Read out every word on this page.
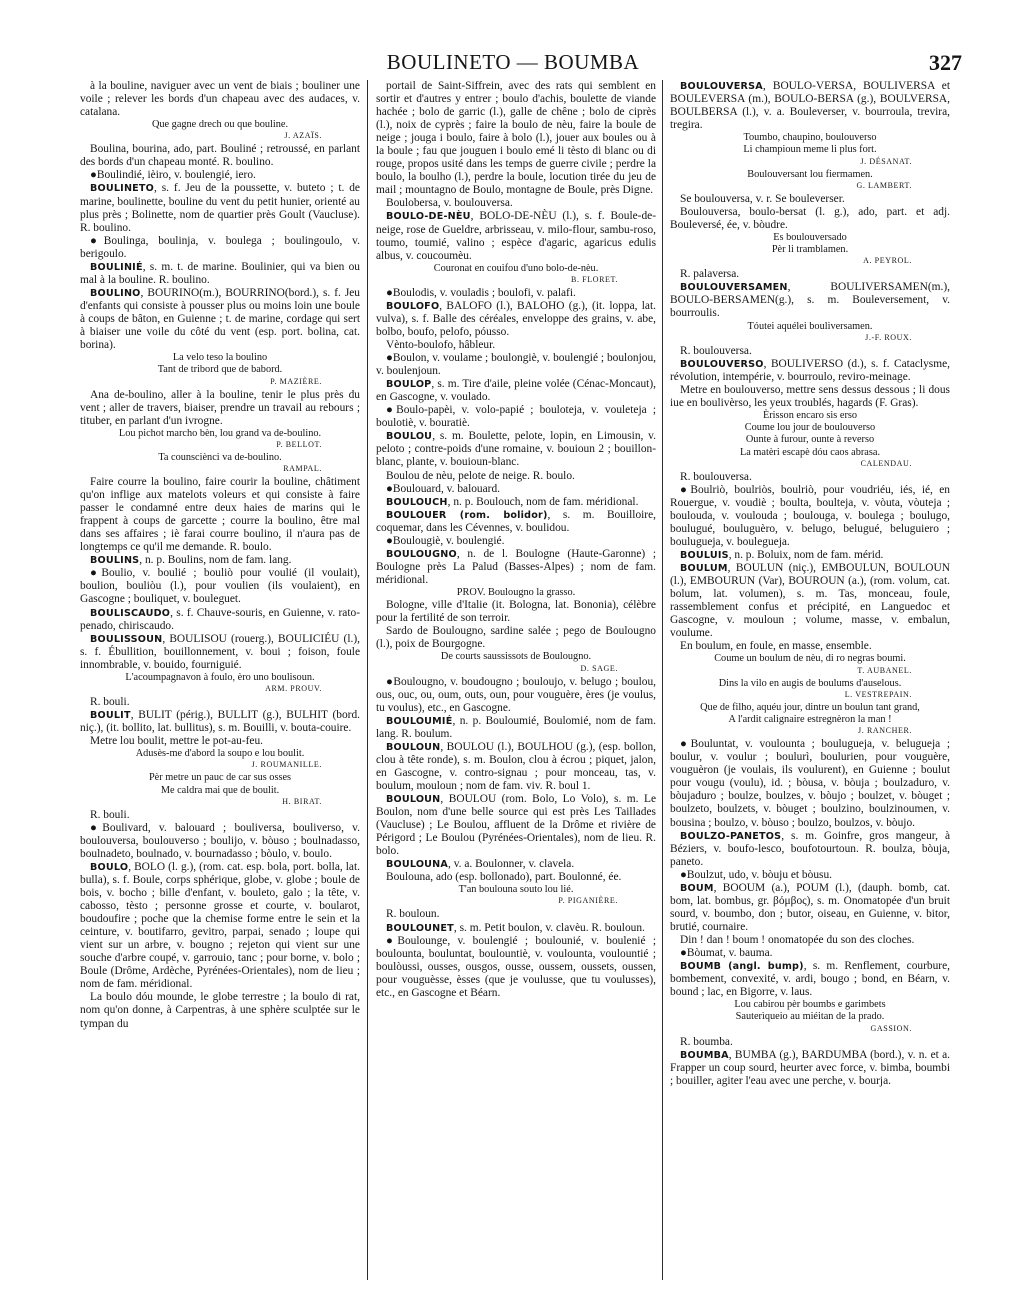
BOULINETO — BOUMBA	327

à la bouline, naviguer avec un vent de biais ; bouliner une voile ; relever les bords d'un chapeau avec des audaces, v. catalana.

Que gagne drech ou que bouline.

J. AZAÏS.

Boulina, bourina, ado, part. Bouliné ; retroussé, en parlant des bords d'un chapeau monté. R. boulino.

●Boulindié, ièiro, v. boulengié, iero.

BOULINETO, s. f. Jeu de la poussette, v. buteto ; t. de marine, boulinette, bouline du vent du petit hunier, orienté au plus près ; Bolinette, nom de quartier près Goult (Vaucluse). R. boulino.

●Boulinga, boulinja, v. boulega ; boulingoulo, v. berigoulo.

BOULINIÉ, s. m. t. de marine. Boulinier, qui va bien ou mal à la bouline. R. boulino.

BOULINO, BOURINO(m.), BOURRINO(bord.), s. f. Jeu d'enfants qui consiste à pousser plus ou moins loin une boule à coups de bâton, en Guienne ; t. de marine, cordage qui sert à biaiser une voile du côté du vent (esp. port. bolina, cat. borina).

La velo teso la boulino
Tant de tribord que de babord.

P. MAZIÈRE.

Ana de-boulino, aller à la bouline, tenir le plus près du vent ; aller de travers, biaiser, prendre un travail au rebours ; tituber, en parlant d'un ivrogne.

Lou pichot marcho bèn, lou grand va de-boulino.

P. BELLOT.

Ta counsciènci va de-boulino.

RAMPAL.

Faire courre la boulino, faire courir la bouline, châtiment qu'on inflige aux matelots voleurs et qui consiste à faire passer le condamné entre deux haies de marins qui le frappent à coups de garcette ; courre la boulino, être mal dans ses affaires ; iè farai courre boulino, il n'aura pas de longtemps ce qu'il me demande. R. boulo.

BOULINS, n. p. Boulins, nom de fam. lang.

●Boulio, v. boulié ; bouliò pour voulié (il voulait), boulion, bouliòu (l.), pour voulien (ils voulaient), en Gascogne ; bouliquet, v. bouleguet.

BOULISCAUDO, s. f. Chauve-souris, en Guienne, v. rato-penado, chiriscaudo.

BOULISSOUN, BOULISOU (rouerg.), BOULICIÉU (l.), s. f. Ébullition, bouillonnement, v. boui ; foison, foule innombrable, v. bouido, fourniguié.

L'acoumpagnavon à foulo, èro uno boulisoun.

ARM. PROUV.

R. bouli.

BOULIT, BULIT (périg.), BULLIT (g.), BULHIT (bord. niç.), (it. bollito, lat. bullitus), s. m. Bouilli, v. bouta-couire.

Metre lou boulit, mettre le pot-au-feu.

Adusès-me d'abord la soupo e lou boulit.

J. ROUMANILLE.

Pèr metre un pauc de car sus osses
Me caldra mai que de boulit.

H. BIRAT.

R. bouli.

●Boulivard, v. balouard ; bouliversa, bouliverso, v. boulouversa, boulouverso ; boulijo, v. bòuso ; boulnadasso, boulnadeto, boulnado, v. bournadasso ; bòulo, v. boulo.

BOULO, BOLO (l. g.), (rom. cat. esp. bola, port. bolla, lat. bulla), s. f. Boule, corps sphérique, globe, v. globe ; boule de bois, v. bocho ; bille d'enfant, v. bouleto, galo ; la tête, v. cabosso, tèsto ; personne grosse et courte, v. boularot, boudoufire ; poche que la chemise forme entre le sein et la ceinture, v. boutifarro, gevitro, parpai, senado ; loupe qui vient sur un arbre, v. bougno ; rejeton qui vient sur une souche d'arbre coupé, v. garrouio, tanc ; pour borne, v. bolo ; Boule (Drôme, Ardèche, Pyrénées-Orientales), nom de lieu ; nom de fam. méridional.

La boulo dóu mounde, le globe terrestre ; la boulo di rat, nom qu'on donne, à Carpentras, à une sphère sculptée sur le tympan du

portail de Saint-Siffrein, avec des rats qui semblent en sortir et d'autres y entrer ; boulo d'achis, boulette de viande hachée ; bolo de garric (l.), galle de chêne ; bolo de ciprès (l.), noix de cyprès ; faire la boulo de nèu, faire la boule de neige ; jouga i boulo, faire à bolo (l.), jouer aux boules ou à la boule ; fau que jouguen i boulo emé li tèsto di blanc ou di rouge, propos usité dans les temps de guerre civile ; perdre la boulo, la boulho (l.), perdre la boule, locution tirée du jeu de mail ; mountagno de Boulo, montagne de Boule, près Digne.

Boulobersa, v. boulouversa.

BOULO-DE-NÈU, BOLO-DE-NÈU (l.), s. f. Boule-de-neige, rose de Gueldre, arbrisseau, v. milo-flour, sambu-roso, toumo, toumié, valino ; espèce d'agaric, agaricus edulis albus, v. coucoumèu.

Couronat en couifou d'uno bolo-de-nèu.

B. FLORET.

●Boulodis, v. vouladis ; boulofi, v. palafi.

BOULOFO, BALOFO (l.), BALOHO (g.), (it. loppa, lat. vulva), s. f. Balle des céréales, enveloppe des grains, v. abe, bolbo, boufo, pelofo, póusso.

Vènto-boulofo, hâbleur.

●Boulon, v. voulame ; boulongiè, v. boulengié ; boulonjou, v. boulenjoun.

BOULOP, s. m. Tire d'aile, pleine volée (Cénac-Moncaut), en Gascogne, v. voulado.

●Boulo-papèi, v. volo-papié ; bouloteja, v. vouleteja ; boulotiè, v. bouratiè.

BOULOU, s. m. Boulette, pelote, lopin, en Limousin, v. peloto ; contre-poids d'une romaine, v. bouioun 2 ; bouillon-blanc, plante, v. bouioun-blanc.

Boulou de nèu, pelote de neige. R. boulo.

●Boulouard, v. balouard.

BOULOUCH, n. p. Boulouch, nom de fam. méridional.

BOULOUER (rom. bolidor), s. m. Bouilloire, coquemar, dans les Cévennes, v. boulidou.

●Boulougiè, v. boulengié.

BOULOUGNO, n. de l. Boulogne (Haute-Garonne) ; Boulogne près La Palud (Basses-Alpes) ; nom de fam. méridional.

PROV. Boulougno la grasso.

Bologne, ville d'Italie (it. Bologna, lat. Bononia), célèbre pour la fertilité de son terroir.

Sardo de Boulougno, sardine salée ; pego de Boulougno (l.), poix de Bourgogne.

De courts saussissots de Boulougno.

D. SAGE.

●Boulougno, v. boudougno ; bouloujo, v. belugo ; boulou, ous, ouc, ou, oum, outs, oun, pour vouguère, ères (je voulus, tu voulus), etc., en Gascogne.

BOULOUMIÉ, n. p. Bouloumié, Boulomié, nom de fam. lang. R. boulum.

BOULOUN, BOULOU (l.), BOULHOU (g.), (esp. bollon, clou à tête ronde), s. m. Boulon, clou à écrou ; piquet, jalon, en Gascogne, v. contro-signau ; pour monceau, tas, v. boulum, mouloun ; nom de fam. viv. R. boul 1.

BOULOUN, BOULOU (rom. Bolo, Lo Volo), s. m. Le Boulon, nom d'une belle source qui est près Les Taillades (Vaucluse) ; Le Boulou, affluent de la Drôme et rivière de Périgord ; Le Boulou (Pyrénées-Orientales), nom de lieu. R. bolo.

BOULOUNA, v. a. Boulonner, v. clavela.

Boulouna, ado (esp. bollonado), part. Boulonné, ée.

T'an boulouna souto lou lié.

P. PIGANIÈRE.

R. bouloun.

BOULOUNET, s. m. Petit boulon, v. clavèu. R. bouloun.

●Boulounge, v. boulengié ; boulounié, v. boulenié ; boulounta, bouluntat, boulountiè, v. voulounta, voulountié ; boulòussi, ousses, ousgos, ousse, oussem, oussets, oussen, pour vouguèsse, èsses (que je voulusse, que tu voulusses), etc., en Gascogne et Béarn.

BOULOUVERSA, BOULO-VERSA, BOULIVERSA et BOULEVERSA (m.), BOULO-BERSA (g.), BOULVERSA, BOULBERSA (l.), v. a. Bouleverser, v. bourroula, trevira, tregira.

Toumbo, chaupino, boulouverso
Li champioun meme li plus fort.

J. DÉSANAT.

Boulouversant lou fiermamen.

G. LAMBERT.

Se boulouversa, v. r. Se bouleverser.

Boulouversa, boulo-bersat (l. g.), ado, part. et adj. Bouleversé, ée, v. bòudre.

Es boulouversado
Pèr li tramblamen.

A. PEYROL.

R. palaversa.

BOULOUVERSAMEN, BOULIVERSAMEN(m.), BOULO-BERSAMEN(g.), s. m. Bouleversement, v. bourroulis.

Tóutei aquélei bouliversamen.

J.-F. ROUX.

R. boulouversa.

BOULOUVERSO, BOULIVERSO (d.), s. f. Cataclysme, révolution, intempérie, v. bourroulo, reviro-meinage.

Metre en boulouverso, mettre sens dessus dessous ; li dous iue en boulivèrso, les yeux troublés, hagards (F. Gras).

Èrisson encaro sis erso
Coume lou jour de boulouverso
Ounte à furour, ounte à reverso
La matèri escapè dóu caos abrasa.

CALENDAU.

R. boulouversa.

●Boulriò, boulriòs, boulriò, pour voudriéu, iés, ié, en Rouergue, v. voudiè ; boulta, boulteja, v. vòuta, vòuteja ; boulouda, v. voulouda ; boulouga, v. boulega ; boulugo, boulugué, bouluguèro, v. belugo, belugué, beluguiero ; boulugueja, v. boulegueja.

BOULUIS, n. p. Boluix, nom de fam. mérid.

BOULUM, BOULUN (niç.), EMBOULUN, BOULOUN (l.), EMBOURUN (Var), BOUROUN (a.), (rom. volum, cat. bolum, lat. volumen), s. m. Tas, monceau, foule, rassemblement confus et précipité, en Languedoc et Gascogne, v. mouloun ; volume, masse, v. embalun, voulume.

En boulum, en foule, en masse, ensemble.

Coume un boulum de nèu, di ro negras boumi.

T. AUBANEL.

Dins la vilo en augis de boulums d'auselous.

L. VESTREPAIN.

Que de filho, aquéu jour, dintre un boulun tant grand,
A l'ardit calignaire estregnèron la man !

J. RANCHER.

●Bouluntat, v. voulounta ; boulugueja, v. belugueja ; boulur, v. voulur ; boulurì, boulurien, pour vouguère, vouguèron (je voulais, ils voulurent), en Guienne ; boulut pour vougu (voulu), id. ; bòusa, v. bòuja ; boulzaduro, v. bòujaduro ; boulze, boulzes, v. bòujo ; boulzet, v. bòuget ; boulzeto, boulzets, v. bòuget ; boulzino, boulzinoumen, v. bousina ; boulzo, v. bòuso ; boulzo, boulzos, v. bòujo.

BOULZO-PANETOS, s. m. Goinfre, gros mangeur, à Béziers, v. boufo-lesco, boufotourtoun. R. boulza, bòuja, paneto.

●Boulzut, udo, v. bòuju et bòusu.

BOUM, BOOUM (a.), POUM (l.), (dauph. bomb, cat. bom, lat. bombus, gr. βόμβος), s. m. Onomatopée d'un bruit sourd, v. boumbo, don ; butor, oiseau, en Guienne, v. bitor, brutié, cournaire.

Din ! dan ! boum ! onomatopée du son des cloches.

●Bòumat, v. bauma.

BOUMB (angl. bump), s. m. Renflement, courbure, bombement, convexité, v. ardi, bougo ; bond, en Béarn, v. bound ; lac, en Bigorre, v. laus.

Lou cabirou pèr boumbs e garimbets
Sauterìqueio au miéitan de la prado.

GASSION.

R. boumba.

BOUMBA, BUMBA (g.), BARDUMBA (bord.), v. n. et a. Frapper un coup sourd, heurter avec force, v. bimba, boumbi ; bouiller, agiter l'eau avec une perche, v. bourja.
